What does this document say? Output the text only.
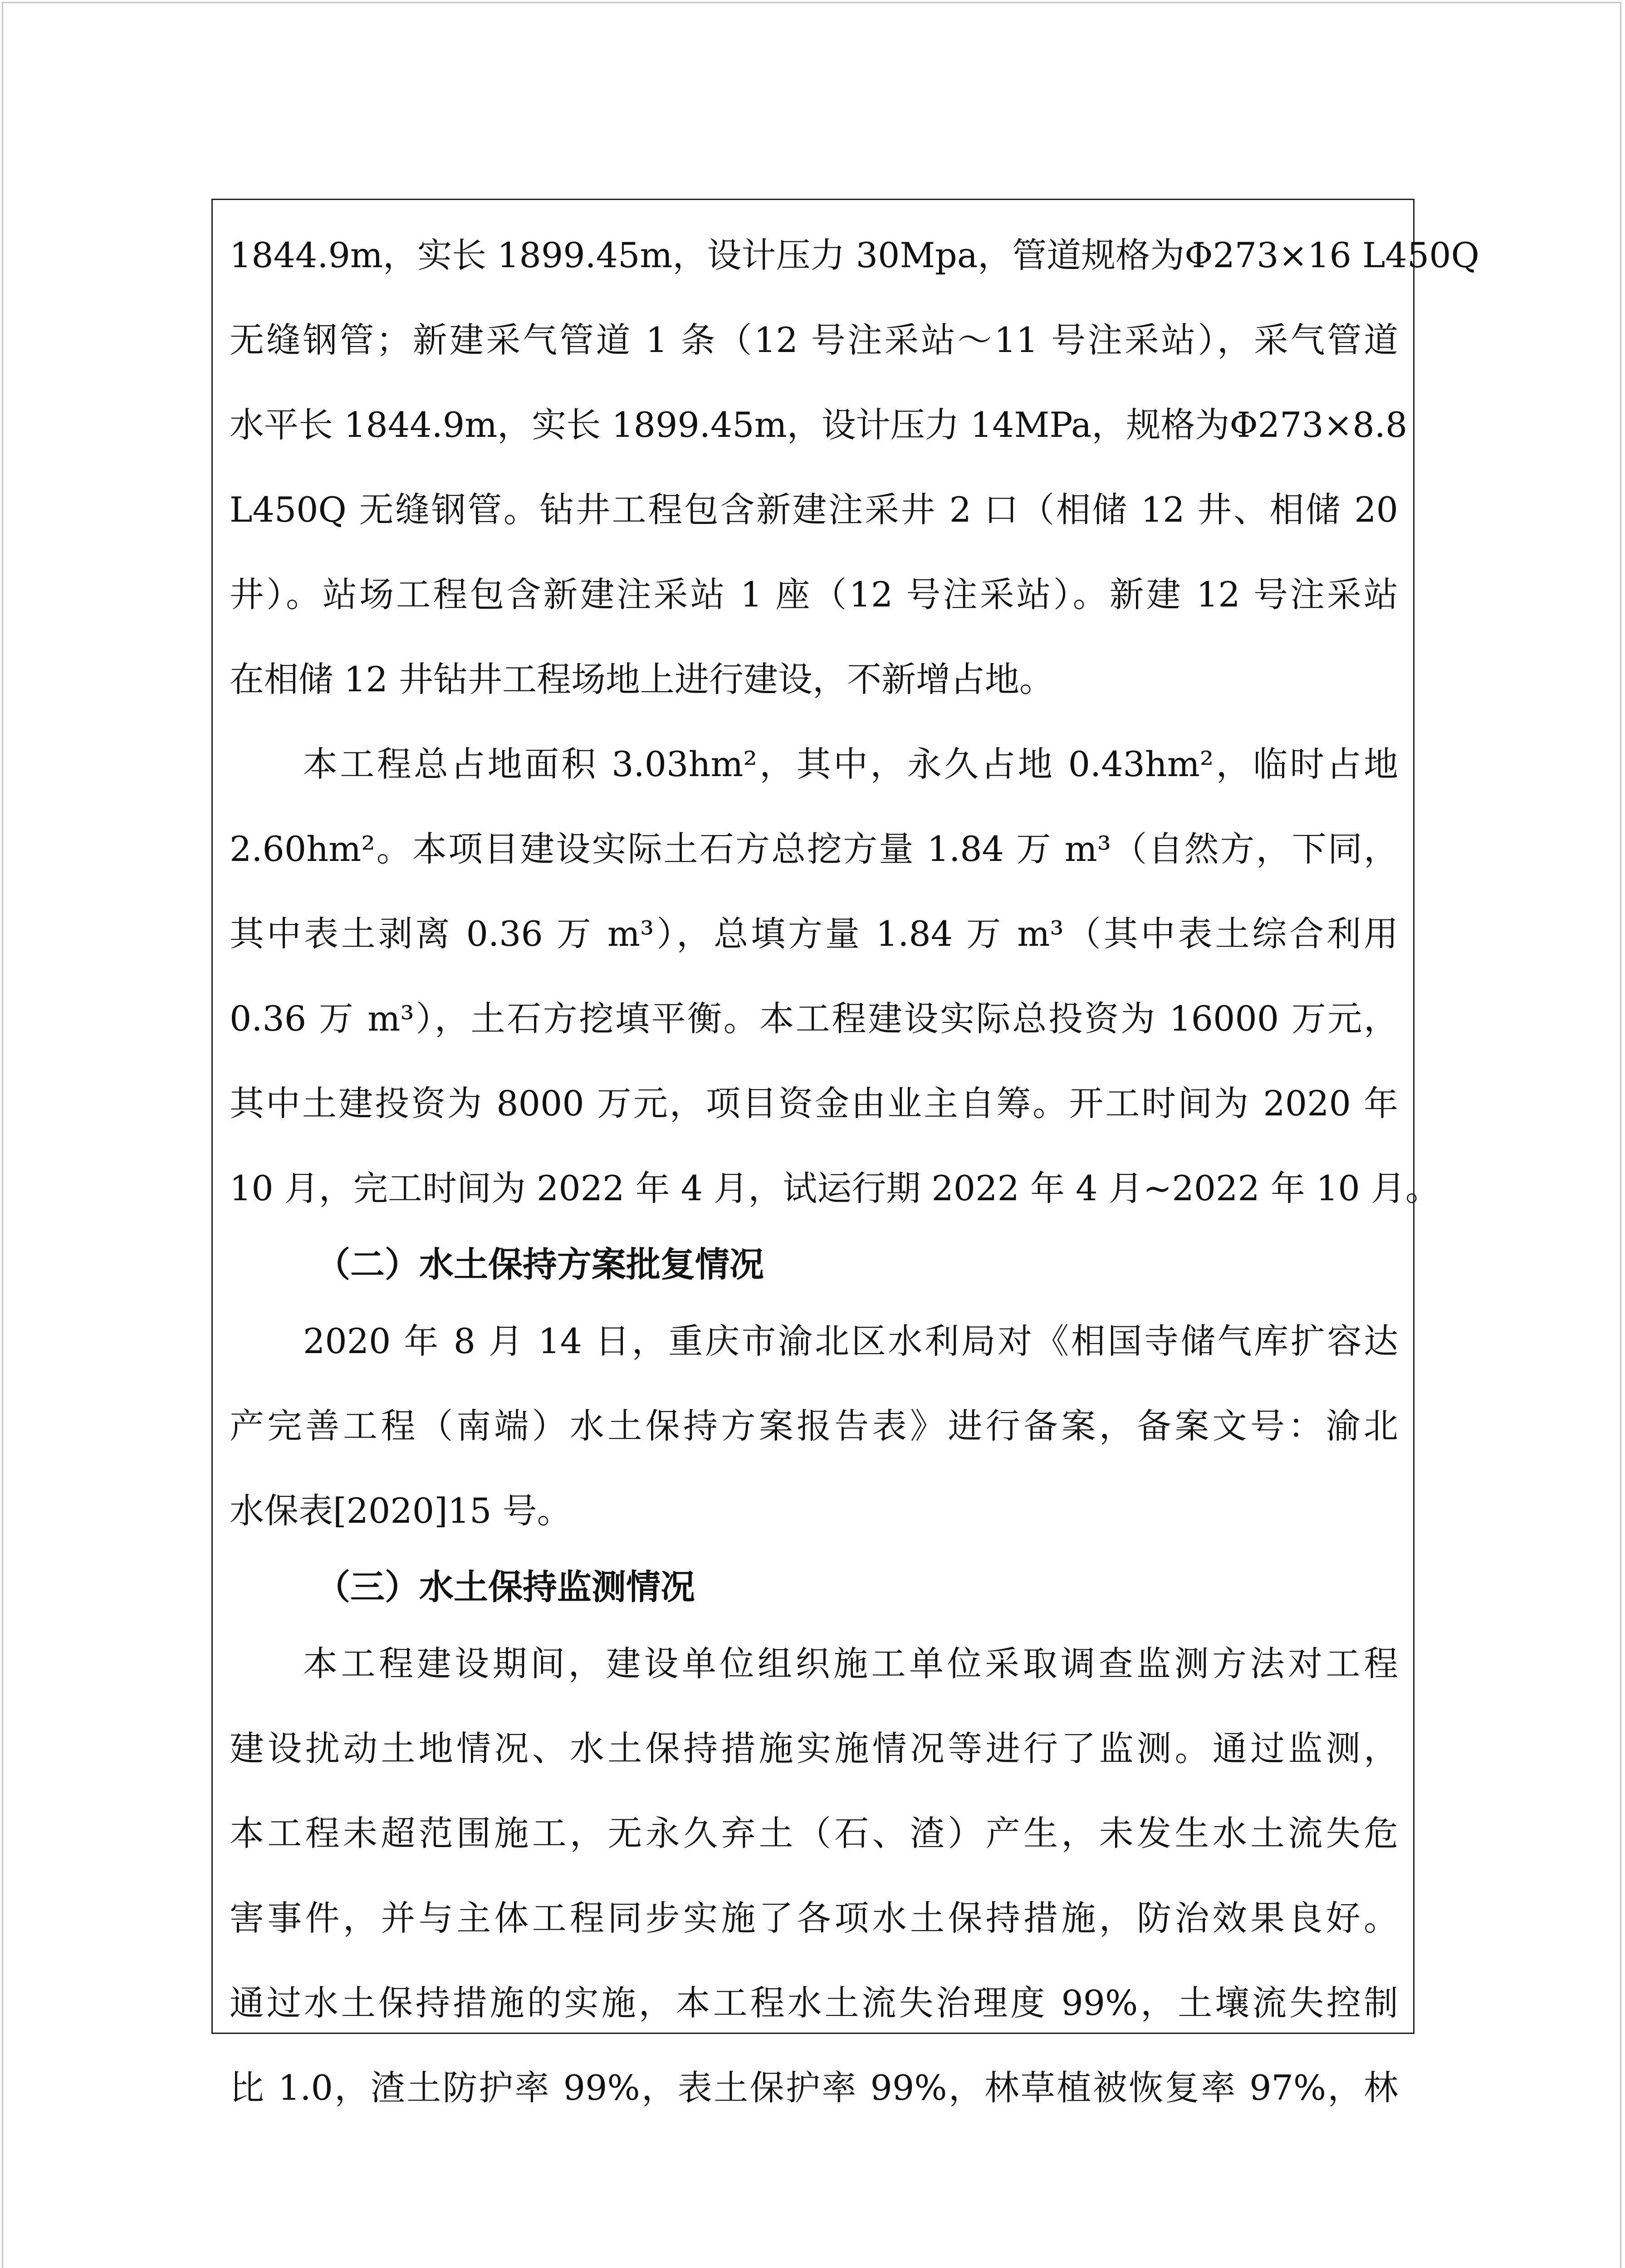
1844.9m，实长 1899.45m，设计压力 30Mpa，管道规格为Φ273×16 L450Q
无缝钢管；新建采气管道 1 条（12 号注采站～11 号注采站），采气管道
水平长 1844.9m，实长 1899.45m，设计压力 14MPa，规格为Φ273×8.8
L450Q 无缝钢管。钻井工程包含新建注采井 2 口（相储 12 井、相储 20
井）。站场工程包含新建注采站 1 座（12 号注采站）。新建 12 号注采站
在相储 12 井钻井工程场地上进行建设，不新增占地。
本工程总占地面积 3.03hm²，其中，永久占地 0.43hm²，临时占地
2.60hm²。本项目建设实际土石方总挖方量 1.84 万 m³（自然方，下同，
其中表土剥离 0.36 万 m³），总填方量 1.84 万 m³（其中表土综合利用
0.36 万 m³），土石方挖填平衡。本工程建设实际总投资为 16000 万元，
其中土建投资为 8000 万元，项目资金由业主自筹。开工时间为 2020 年
10 月，完工时间为 2022 年 4 月，试运行期 2022 年 4 月~2022 年 10 月。
（二）水土保持方案批复情况
2020 年 8 月 14 日，重庆市渝北区水利局对《相国寺储气库扩容达
产完善工程（南端）水土保持方案报告表》进行备案，备案文号：渝北
水保表[2020]15 号。
（三）水土保持监测情况
本工程建设期间，建设单位组织施工单位采取调查监测方法对工程
建设扰动土地情况、水土保持措施实施情况等进行了监测。通过监测，
本工程未超范围施工，无永久弃土（石、渣）产生，未发生水土流失危
害事件，并与主体工程同步实施了各项水土保持措施，防治效果良好。
通过水土保持措施的实施，本工程水土流失治理度 99%，土壤流失控制
比 1.0，渣土防护率 99%，表土保护率 99%，林草植被恢复率 97%，林
